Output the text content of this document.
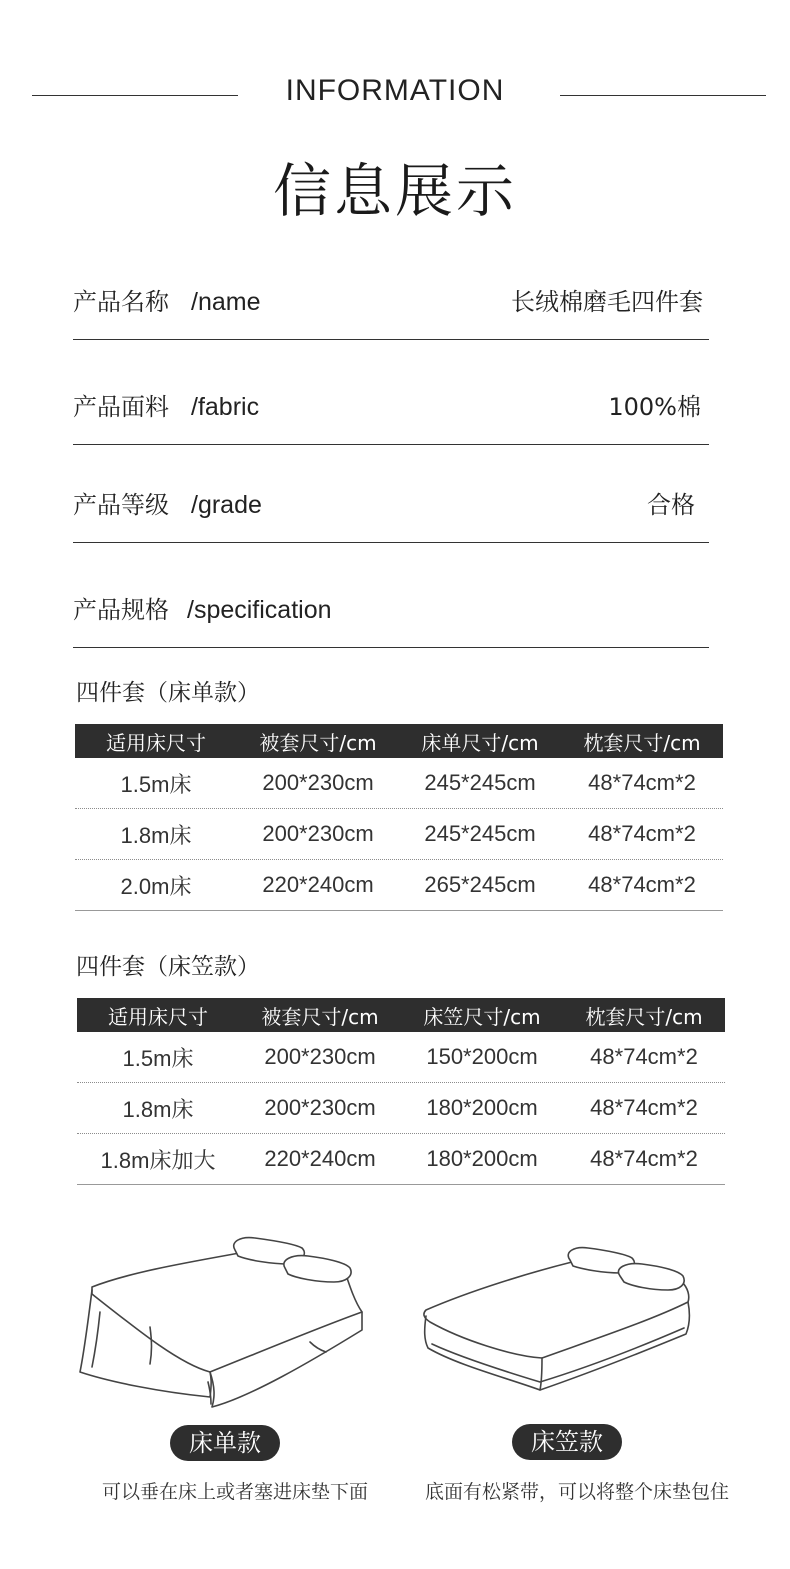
INFORMATION
信息展示
产品名称 /name	长绒棉磨毛四件套
产品面料 /fabric	100%棉
产品等级 /grade	合格
产品规格 /specification
四件套（床单款）
适用床尺寸	被套尺寸/cm	床单尺寸/cm	枕套尺寸/cm
1.5m床	200*230cm	245*245cm	48*74cm*2
1.8m床	200*230cm	245*245cm	48*74cm*2
2.0m床	220*240cm	265*245cm	48*74cm*2
四件套（床笠款）
适用床尺寸	被套尺寸/cm	床笠尺寸/cm	枕套尺寸/cm
1.5m床	200*230cm	150*200cm	48*74cm*2
1.8m床	200*230cm	180*200cm	48*74cm*2
1.8m床加大	220*240cm	180*200cm	48*74cm*2
床单款	床笠款
可以垂在床上或者塞进床垫下面	底面有松紧带，可以将整个床垫包住
